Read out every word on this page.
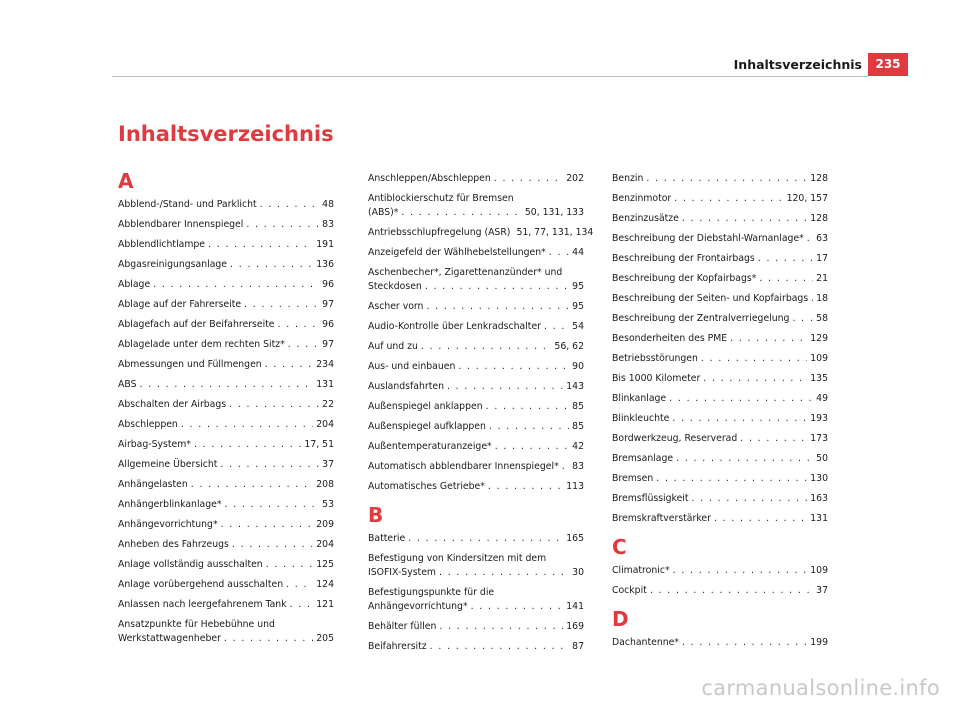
Inhaltsverzeichnis	235
Inhaltsverzeichnis
A
Abblend-/Stand- und Parklicht . . .	48
Abblendbarer Innenspiegel . . .	83
Abblendlichtlampe . . .	191
Abgasreinigungsanlage . . .	136
Ablage . . .	96
Ablage auf der Fahrerseite . . .	97
Ablagefach auf der Beifahrerseite . . .	96
Ablagelade unter dem rechten Sitz* . . .	97
Abmessungen und Füllmengen . . .	234
ABS . . .	131
Abschalten der Airbags . . .	22
Abschleppen . . .	204
Airbag-System* . . .	17, 51
Allgemeine Übersicht . . .	37
Anhängelasten . . .	208
Anhängerblinkanlage* . . .	53
Anhängevorrichtung* . . .	209
Anheben des Fahrzeugs . . .	204
Anlage vollständig ausschalten . . .	125
Anlage vorübergehend ausschalten . . .	124
Anlassen nach leergefahrenem Tank . . .	121
Ansatzpunkte für Hebebühne und
Werkstattwagenheber . . .	205
Anschleppen/Abschleppen . . .	202
Antiblockierschutz für Bremsen
(ABS)* . . .	50, 131, 133
Antriebsschlupfregelung (ASR) 51, 77, 131, 134
Anzeigefeld der Wählhebelstellungen* . . .	44
Aschenbecher*, Zigarettenanzünder* und
Steckdosen . . .	95
Ascher vorn . . .	95
Audio-Kontrolle über Lenkradschalter . . .	54
Auf und zu . . .	56, 62
Aus- und einbauen . . .	90
Auslandsfahrten . . .	143
Außenspiegel anklappen . . .	85
Außenspiegel aufklappen . . .	85
Außentemperaturanzeige* . . .	42
Automatisch abblendbarer Innenspiegel* . . . 83
Automatisches Getriebe* . . .	113
B
Batterie . . .	165
Befestigung von Kindersitzen mit dem
ISOFIX-System . . .	30
Befestigungspunkte für die
Anhängevorrichtung* . . .	141
Behälter füllen . . .	169
Beifahrersitz . . .	87
Benzin . . .	128
Benzinmotor . . .	120, 157
Benzinzusätze . . .	128
Beschreibung der Diebstahl-Warnanlage* . . . 63
Beschreibung der Frontairbags . . .	17
Beschreibung der Kopfairbags* . . .	21
Beschreibung der Seiten- und Kopfairbags . . . 18
Beschreibung der Zentralverriegelung . . .	58
Besonderheiten des PME . . .	129
Betriebsstörungen . . .	109
Bis 1000 Kilometer . . .	135
Blinkanlage . . .	49
Blinkleuchte . . .	193
Bordwerkzeug, Reserverad . . .	173
Bremsanlage . . .	50
Bremsen . . .	130
Bremsflüssigkeit . . .	163
Bremskraftverstärker . . .	131
C
Climatronic* . . .	109
Cockpit . . .	37
D
Dachantenne* . . .	199
carmanualsonline.info
